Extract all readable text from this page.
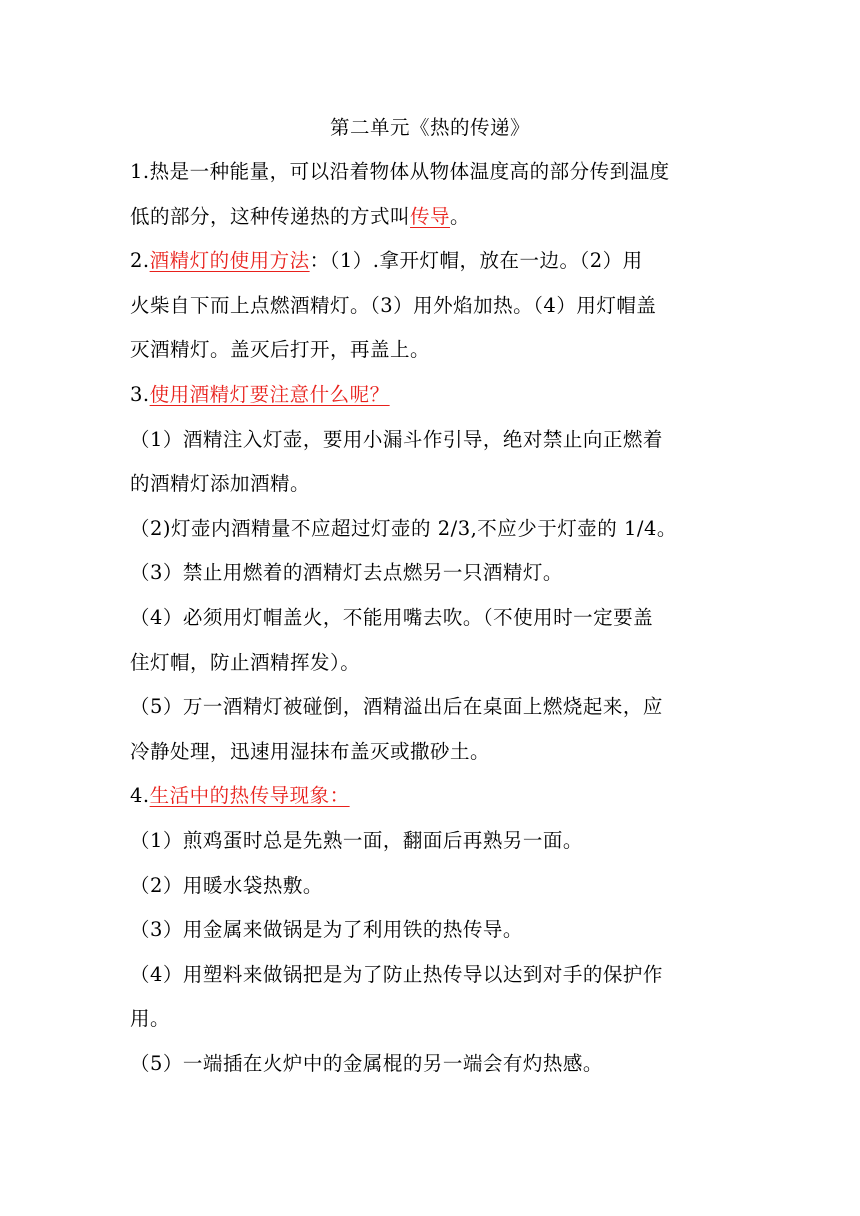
第二单元《热的传递》
1.热是一种能量，可以沿着物体从物体温度高的部分传到温度
低的部分，这种传递热的方式叫传导。
2.酒精灯的使用方法：（1）.拿开灯帽，放在一边。（2）用
火柴自下而上点燃酒精灯。（3）用外焰加热。（4）用灯帽盖
灭酒精灯。盖灭后打开，再盖上。
3.使用酒精灯要注意什么呢？
（1）酒精注入灯壶，要用小漏斗作引导，绝对禁止向正燃着
的酒精灯添加酒精。
（2)灯壶内酒精量不应超过灯壶的 2/3,不应少于灯壶的 1/4。
（3）禁止用燃着的酒精灯去点燃另一只酒精灯。
（4）必须用灯帽盖火，不能用嘴去吹。（不使用时一定要盖
住灯帽，防止酒精挥发）。
（5）万一酒精灯被碰倒，酒精溢出后在桌面上燃烧起来，应
冷静处理，迅速用湿抹布盖灭或撒砂土。
4.生活中的热传导现象：
（1）煎鸡蛋时总是先熟一面，翻面后再熟另一面。
（2）用暖水袋热敷。
（3）用金属来做锅是为了利用铁的热传导。
（4）用塑料来做锅把是为了防止热传导以达到对手的保护作
用。
（5）一端插在火炉中的金属棍的另一端会有灼热感。
